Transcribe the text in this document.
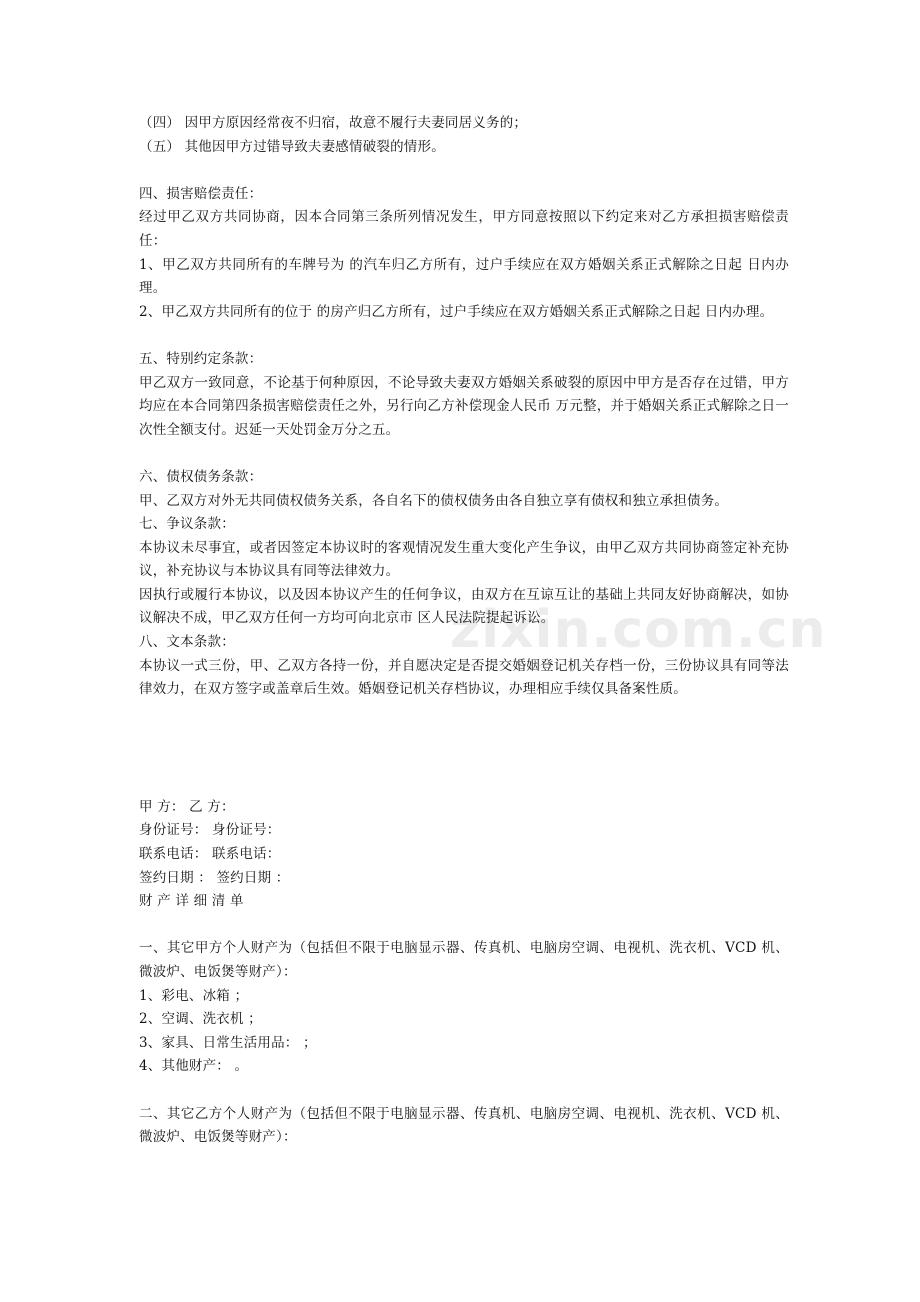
zixin.com.cn
（四） 因甲方原因经常夜不归宿，故意不履行夫妻同居义务的；
（五） 其他因甲方过错导致夫妻感情破裂的情形。
四、损害赔偿责任：
经过甲乙双方共同协商，因本合同第三条所列情况发生，甲方同意按照以下约定来对乙方承担损害赔偿责任：
1、甲乙双方共同所有的车牌号为 的汽车归乙方所有，过户手续应在双方婚姻关系正式解除之日起 日内办理。
2、甲乙双方共同所有的位于 的房产归乙方所有，过户手续应在双方婚姻关系正式解除之日起 日内办理。
五、特别约定条款：
甲乙双方一致同意，不论基于何种原因，不论导致夫妻双方婚姻关系破裂的原因中甲方是否存在过错，甲方均应在本合同第四条损害赔偿责任之外，另行向乙方补偿现金人民币 万元整，并于婚姻关系正式解除之日一次性全额支付。迟延一天处罚金万分之五。
六、债权债务条款：
甲、乙双方对外无共同债权债务关系，各自名下的债权债务由各自独立享有债权和独立承担债务。
七、争议条款：
本协议未尽事宜，或者因签定本协议时的客观情况发生重大变化产生争议，由甲乙双方共同协商签定补充协议，补充协议与本协议具有同等法律效力。
因执行或履行本协议，以及因本协议产生的任何争议，由双方在互谅互让的基础上共同友好协商解决，如协议解决不成，甲乙双方任何一方均可向北京市 区人民法院提起诉讼。
八、文本条款：
本协议一式三份，甲、乙双方各持一份，并自愿决定是否提交婚姻登记机关存档一份，三份协议具有同等法律效力，在双方签字或盖章后生效。婚姻登记机关存档协议，办理相应手续仅具备案性质。
甲 方： 乙 方：
身份证号： 身份证号：
联系电话： 联系电话：
签约日期 ： 签约日期 ：
财 产 详 细 清 单
一、其它甲方个人财产为（包括但不限于电脑显示器、传真机、电脑房空调、电视机、洗衣机、VCD 机、微波炉、电饭煲等财产）：
1、彩电、冰箱 ；
2、空调、洗衣机 ；
3、家具、日常生活用品： ；
4、其他财产： 。
二、其它乙方个人财产为（包括但不限于电脑显示器、传真机、电脑房空调、电视机、洗衣机、VCD 机、微波炉、电饭煲等财产）：
